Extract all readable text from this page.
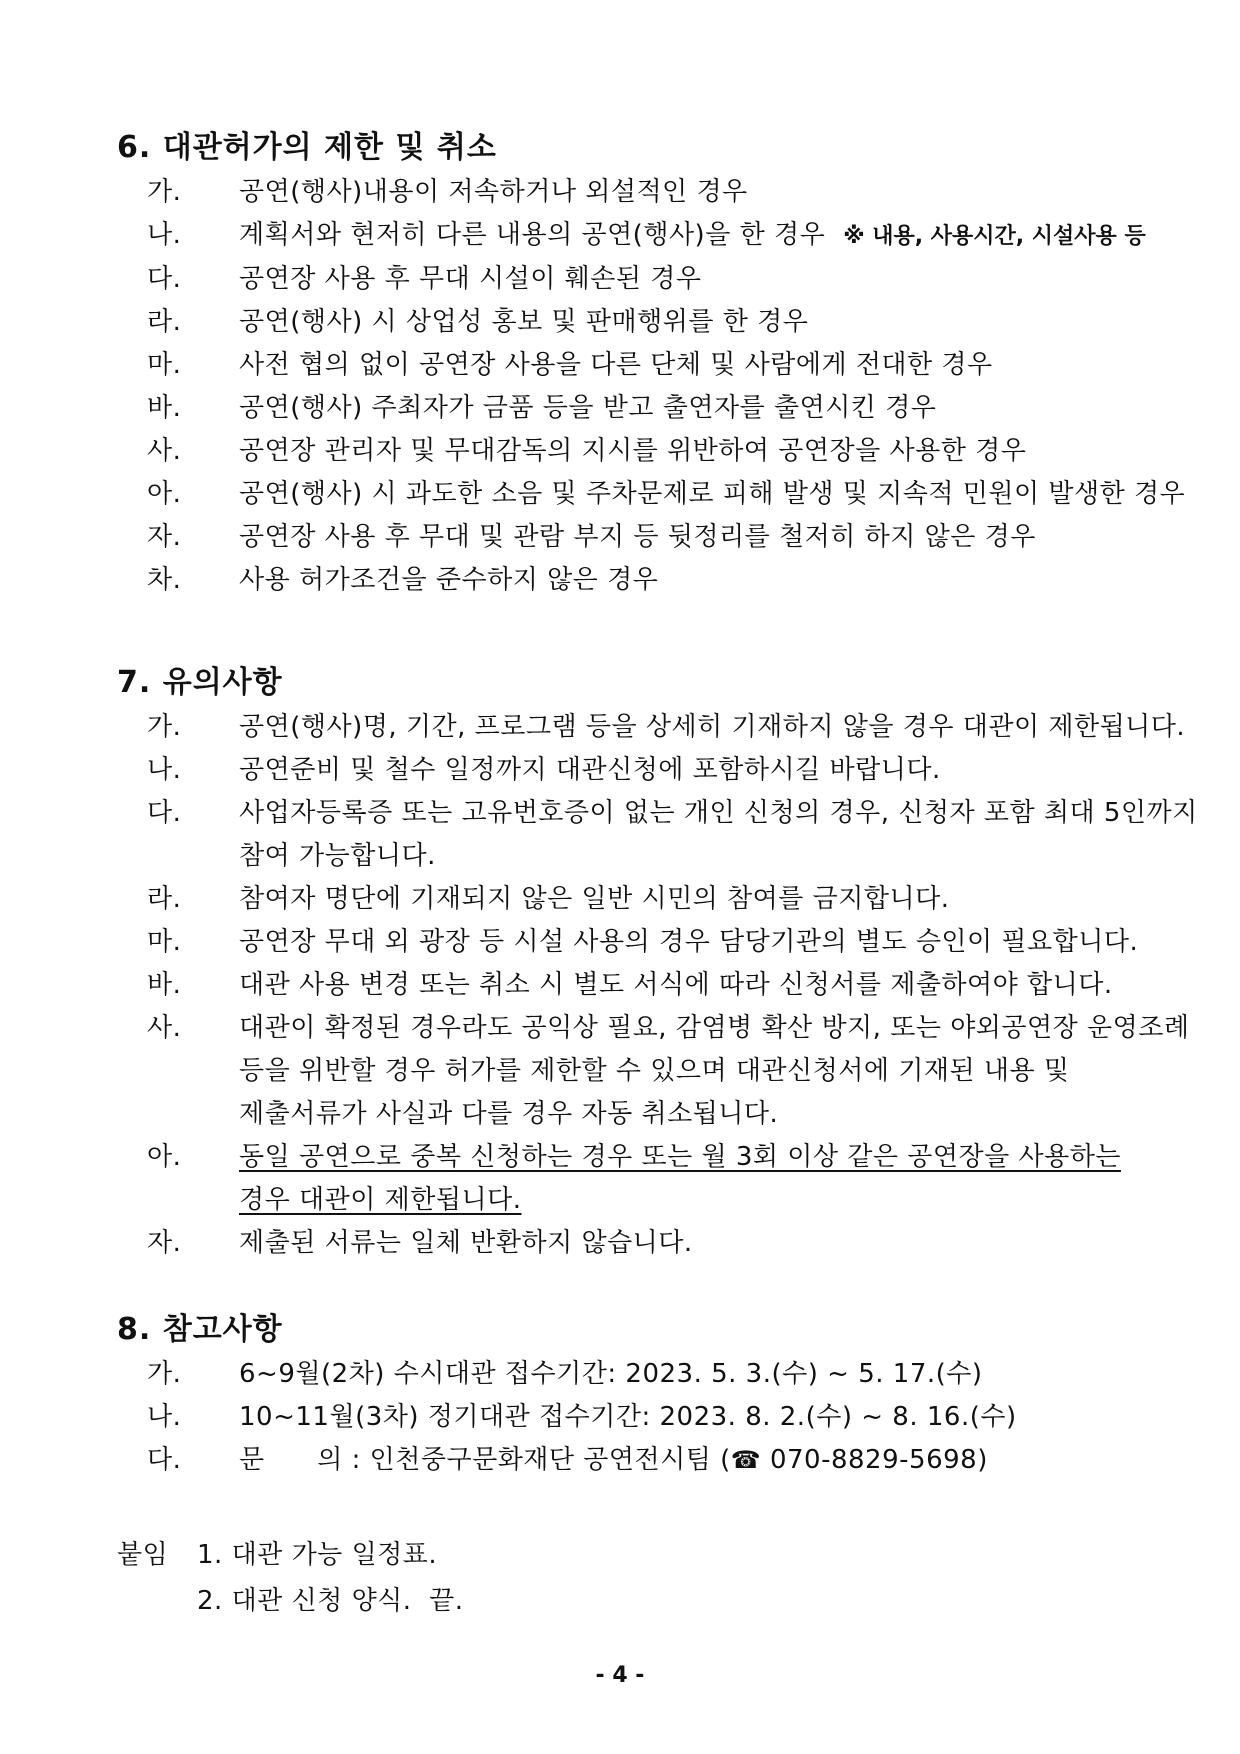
6. 대관허가의 제한 및 취소

가.	공연(행사)내용이 저속하거나 외설적인 경우

나.	계획서와 현저히 다른 내용의 공연(행사)을 한 경우 ※ 내용, 사용시간, 시설사용 등

다.	공연장 사용 후 무대 시설이 훼손된 경우

라.	공연(행사) 시 상업성 홍보 및 판매행위를 한 경우

마.	사전 협의 없이 공연장 사용을 다른 단체 및 사람에게 전대한 경우

바.	공연(행사) 주최자가 금품 등을 받고 출연자를 출연시킨 경우

사.	공연장 관리자 및 무대감독의 지시를 위반하여 공연장을 사용한 경우

아.	공연(행사) 시 과도한 소음 및 주차문제로 피해 발생 및 지속적 민원이 발생한 경우

자.	공연장 사용 후 무대 및 관람 부지 등 뒷정리를 철저히 하지 않은 경우

차.	사용 허가조건을 준수하지 않은 경우

7. 유의사항

가.	공연(행사)명, 기간, 프로그램 등을 상세히 기재하지 않을 경우 대관이 제한됩니다.

나.	공연준비 및 철수 일정까지 대관신청에 포함하시길 바랍니다.

다.	사업자등록증 또는 고유번호증이 없는 개인 신청의 경우, 신청자 포함 최대 5인까지
참여 가능합니다.

라.	참여자 명단에 기재되지 않은 일반 시민의 참여를 금지합니다.

마.	공연장 무대 외 광장 등 시설 사용의 경우 담당기관의 별도 승인이 필요합니다.

바.	대관 사용 변경 또는 취소 시 별도 서식에 따라 신청서를 제출하여야 합니다.

사.	대관이 확정된 경우라도 공익상 필요, 감염병 확산 방지, 또는 야외공연장 운영조례
등을 위반할 경우 허가를 제한할 수 있으며 대관신청서에 기재된 내용 및
제출서류가 사실과 다를 경우 자동 취소됩니다.

아.	동일 공연으로 중복 신청하는 경우 또는 월 3회 이상 같은 공연장을 사용하는
경우 대관이 제한됩니다.

자.	제출된 서류는 일체 반환하지 않습니다.

8. 참고사항

가.	6~9월(2차) 수시대관 접수기간: 2023. 5. 3.(수) ~ 5. 17.(수)

나.	10~11월(3차) 정기대관 접수기간: 2023. 8. 2.(수) ~ 8. 16.(수)

다.	문      의 : 인천중구문화재단 공연전시팀 (☎ 070-8829-5698)

붙임	1. 대관 가능 일정표.
2. 대관 신청 양식.  끝.
- 4 -
